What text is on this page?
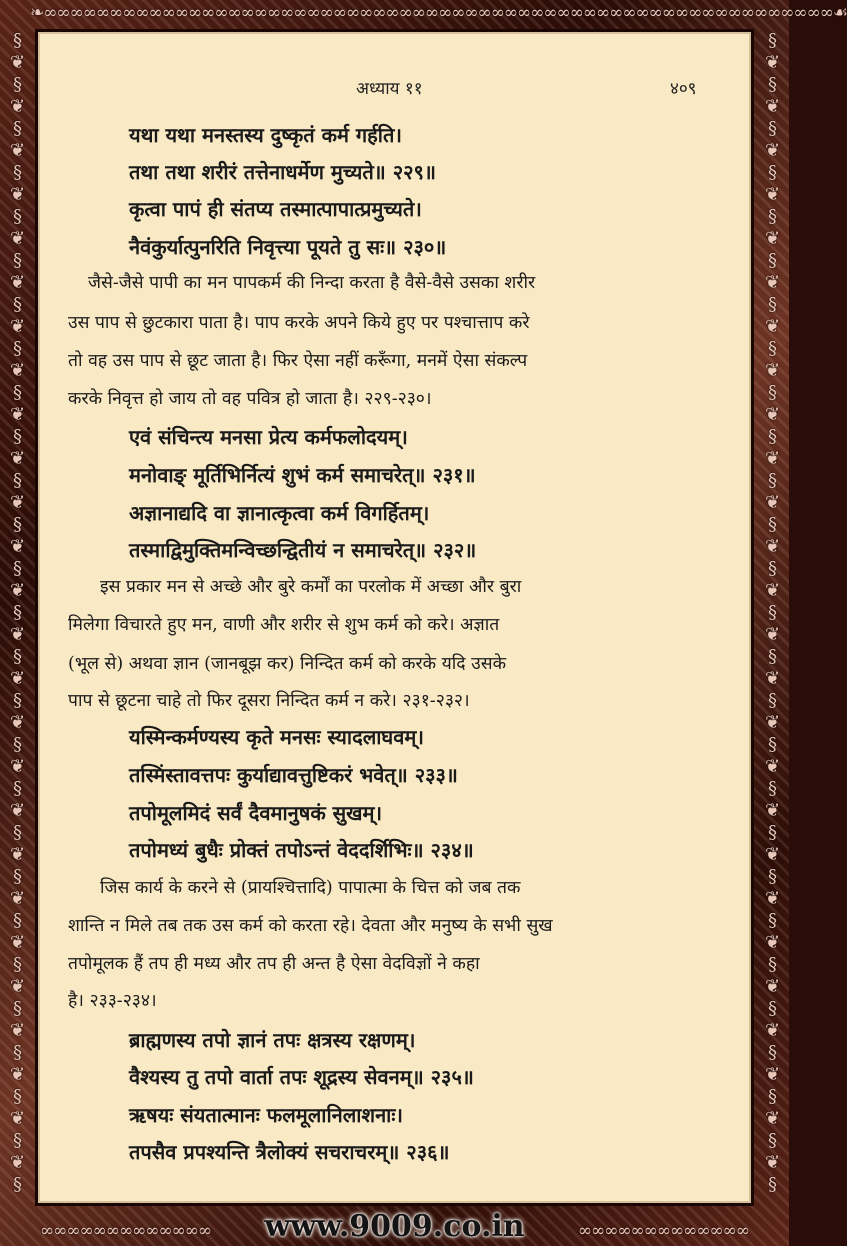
❧∞∞∞∞∞∞∞∞∞∞∞∞∞∞∞∞∞∞∞∞∞∞∞∞∞∞∞∞∞∞∞∞∞∞∞∞∞∞∞∞∞∞∞∞∞∞∞∞∞∞∞∞∞∞∞∞∞∞∞∞☙
§
❦
§
❦
§
❦
§
❦
§
❦
§
❦
§
❦
§
❦
§
❦
§
❦
§
❦
§
❦
§
❦
§
❦
§
❦
§
❦
§
❦
§
❦
§
❦
§
❦
§
❦
§
❦
§
❦
§
❦
§
❦
§
❦
§
§
❦
§
❦
§
❦
§
❦
§
❦
§
❦
§
❦
§
❦
§
❦
§
❦
§
❦
§
❦
§
❦
§
❦
§
❦
§
❦
§
❦
§
❦
§
❦
§
❦
§
❦
§
❦
§
❦
§
❦
§
❦
§
❦
§
∞∞∞∞∞∞∞∞∞∞∞∞∞	∞∞∞∞∞∞∞∞∞∞∞∞∞
अध्याय ११	४०९
यथा यथा मनस्तस्य दुष्कृतं कर्म गर्हति।
तथा तथा शरीरं तत्तेनाधर्मेण मुच्यते॥ २२९॥
कृत्वा पापं ही संतप्य तस्मात्पापात्प्रमुच्यते।
नैवंकुर्यात्पुनरिति निवृत्त्या पूयते तु सः॥ २३०॥
जैसे-जैसे पापी का मन पापकर्म की निन्दा करता है वैसे-वैसे उसका शरीर
उस पाप से छुटकारा पाता है। पाप करके अपने किये हुए पर पश्चात्ताप करे
तो वह उस पाप से छूट जाता है। फिर ऐसा नहीं करूँगा, मनमें ऐसा संकल्प
करके निवृत्त हो जाय तो वह पवित्र हो जाता है। २२९-२३०।
एवं संचिन्त्य मनसा प्रेत्य कर्मफलोदयम्।
मनोवाङ् मूर्तिभिर्नित्यं शुभं कर्म समाचरेत्॥ २३१॥
अज्ञानाद्यदि वा ज्ञानात्कृत्वा कर्म विगर्हितम्।
तस्माद्विमुक्तिमन्विच्छन्द्वितीयं न समाचरेत्॥ २३२॥
इस प्रकार मन से अच्छे और बुरे कर्मों का परलोक में अच्छा और बुरा
मिलेगा विचारते हुए मन, वाणी और शरीर से शुभ कर्म को करे। अज्ञात
(भूल से) अथवा ज्ञान (जानबूझ कर) निन्दित कर्म को करके यदि उसके
पाप से छूटना चाहे तो फिर दूसरा निन्दित कर्म न करे। २३१-२३२।
यस्मिन्कर्मण्यस्य कृते मनसः स्यादलाघवम्।
तस्मिंस्तावत्तपः कुर्याद्यावत्तुष्टिकरं भवेत्॥ २३३॥
तपोमूलमिदं सर्वं दैवमानुषकं सुखम्।
तपोमध्यं बुधैः प्रोक्तं तपोऽन्तं वेददर्शिभिः॥ २३४॥
जिस कार्य के करने से (प्रायश्चित्तादि) पापात्मा के चित्त को जब तक
शान्ति न मिले तब तक उस कर्म को करता रहे। देवता और मनुष्य के सभी सुख
तपोमूलक हैं तप ही मध्य और तप ही अन्त है ऐसा वेदविज्ञों ने कहा
है। २३३-२३४।
ब्राह्मणस्य तपो ज्ञानं तपः क्षत्रस्य रक्षणम्।
वैश्यस्य तु तपो वार्ता तपः शूद्रस्य सेवनम्॥ २३५॥
ऋषयः संयतात्मानः फलमूलानिलाशनाः।
तपसैव प्रपश्यन्ति त्रैलोक्यं सचराचरम्॥ २३६॥
www.9009.co.in
